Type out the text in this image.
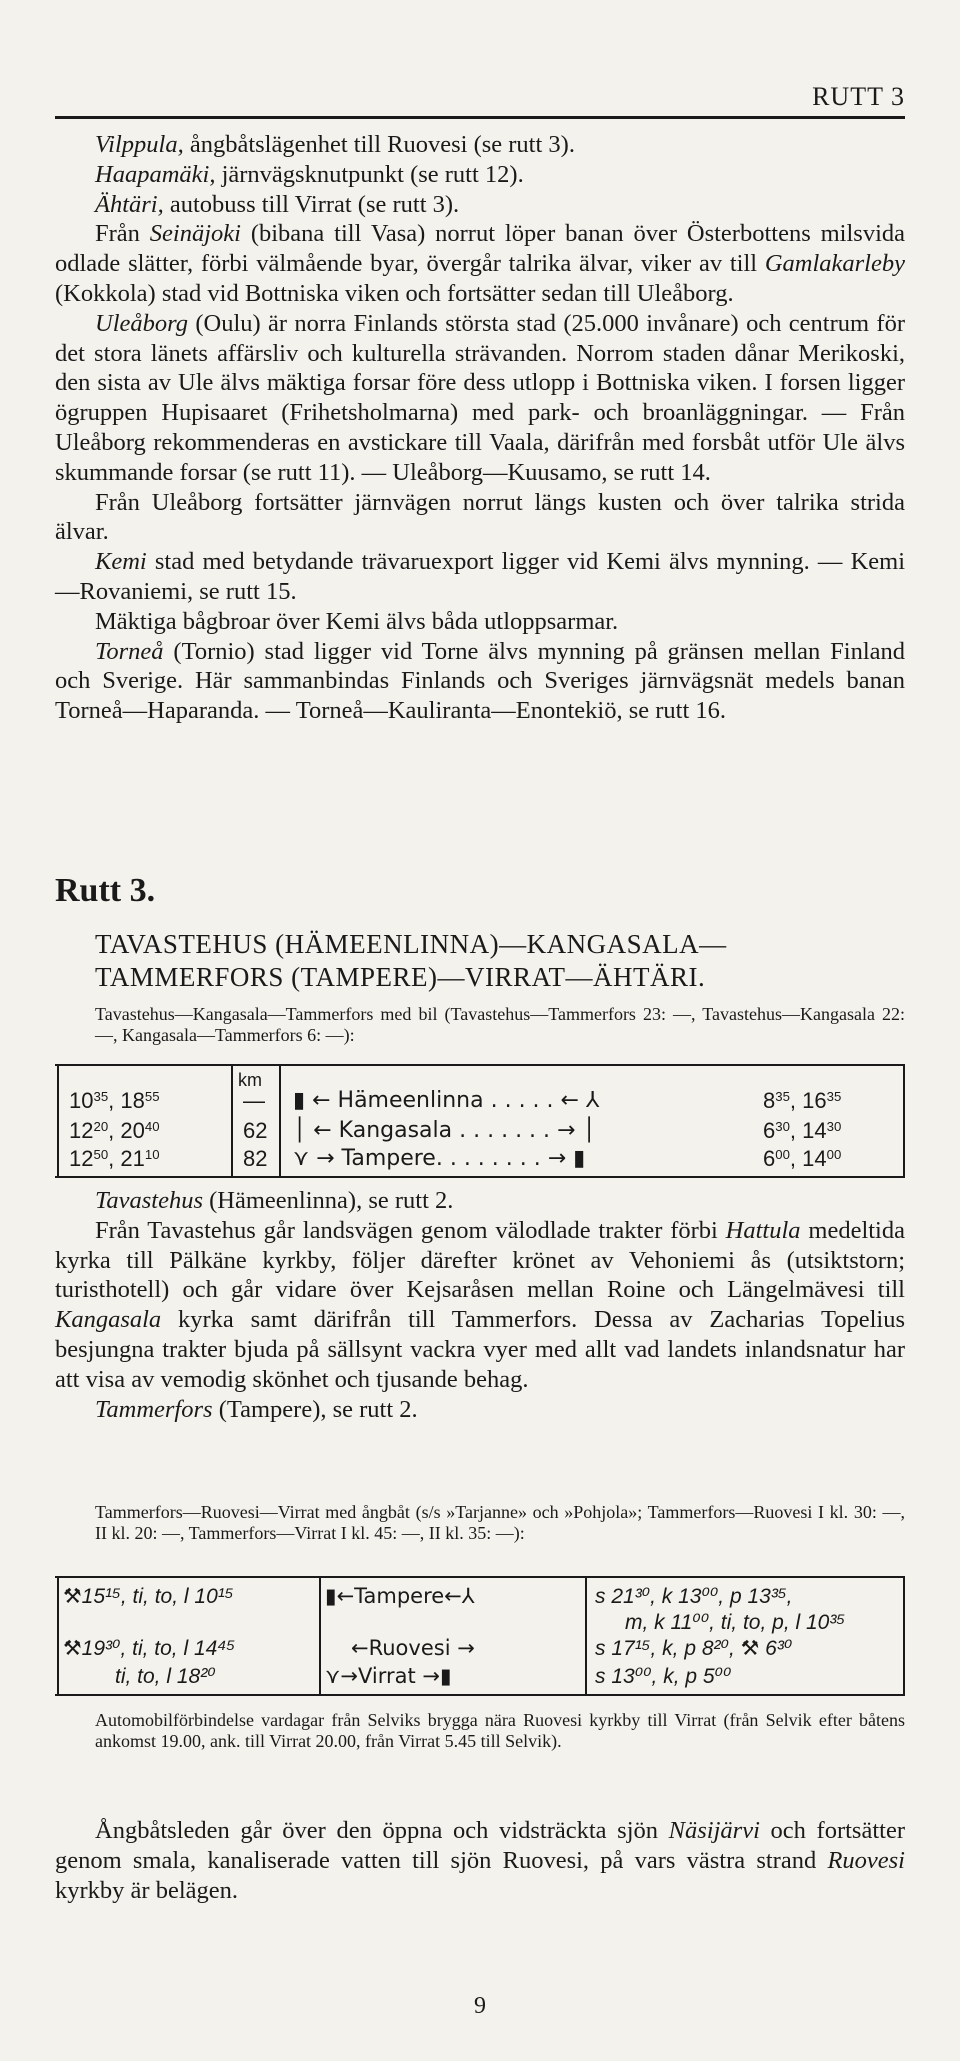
RUTT 3

Vilppula, ångbåtslägenhet till Ruovesi (se rutt 3).

Haapamäki, järnvägsknutpunkt (se rutt 12).

Ähtäri, autobuss till Virrat (se rutt 3).

Från Seinäjoki (bibana till Vasa) norrut löper banan över Österbottens milsvida odlade slätter, förbi välmående byar, övergår talrika älvar, viker av till Gamlakarleby (Kokkola) stad vid Bottniska viken och fortsätter sedan till Uleåborg.

Uleåborg (Oulu) är norra Finlands största stad (25.000 invånare) och centrum för det stora länets affärsliv och kulturella strävanden. Norrom staden dånar Merikoski, den sista av Ule älvs mäktiga forsar före dess utlopp i Bottniska viken. I forsen ligger ögruppen Hupisaaret (Frihetsholmarna) med park- och broanläggningar. — Från Uleåborg rekommenderas en avstickare till Vaala, därifrån med forsbåt utför Ule älvs skummande forsar (se rutt 11). — Uleåborg—Kuusamo, se rutt 14.

Från Uleåborg fortsätter järnvägen norrut längs kusten och över talrika strida älvar.

Kemi stad med betydande trävaruexport ligger vid Kemi älvs mynning. — Kemi—Rovaniemi, se rutt 15.

Mäktiga bågbroar över Kemi älvs båda utloppsarmar.

Torneå (Tornio) stad ligger vid Torne älvs mynning på gränsen mellan Finland och Sverige. Här sammanbindas Finlands och Sveriges järnvägsnät medels banan Torneå—Haparanda. — Torneå—Kauliranta—Enontekiö, se rutt 16.

Rutt 3.
TAVASTEHUS (HÄMEENLINNA)—KANGASALA—
TAMMERFORS (TAMPERE)—VIRRAT—ÄHTÄRI.
Tavastehus—Kangasala—Tammerfors med bil (Tavastehus—Tammerfors 23: —, Tavastehus—Kangasala 22: —, Kangasala—Tammerfors 6: —):
km
$10^{35}$, $18^{55}$	— ▮ ← Hämeenlinna . . . . . ← ⅄	$8^{35}$, $16^{35}$
$12^{20}$, $20^{40}$	62 │ ← Kangasala . . . . . . . → │	$6^{30}$, $14^{30}$
$12^{50}$, $21^{10}$	82 ⋎ → Tampere. . . . . . . . → ▮	$6^{00}$, $14^{00}$

Tavastehus (Hämeenlinna), se rutt 2.

Från Tavastehus går landsvägen genom välodlade trakter förbi Hattula medeltida kyrka till Pälkäne kyrkby, följer därefter krönet av Vehoniemi ås (utsiktstorn; turisthotell) och går vidare över Kejsaråsen mellan Roine och Längelmävesi till Kangasala kyrka samt därifrån till Tammerfors. Dessa av Zacharias Topelius besjungna trakter bjuda på sällsynt vackra vyer med allt vad landets inlandsnatur har att visa av vemodig skönhet och tjusande behag.

Tammerfors (Tampere), se rutt 2.

Tammerfors—Ruovesi—Virrat med ångbåt (s/s »Tarjanne» och »Pohjola»; Tammerfors—Ruovesi I kl. 30: —, II kl. 20: —, Tammerfors—Virrat I kl. 45: —, II kl. 35: —):
⚒15¹⁵, ti, to, l 10¹⁵	▮←Tampere←⅄	s 21³⁰, k 13⁰⁰, p 13³⁵,
m, k 11⁰⁰, ti, to, p, l 10³⁵
⚒19³⁰, ti, to, l 14⁴⁵	←Ruovesi →	s 17¹⁵, k, p 8²⁰, ⚒ 6³⁰
ti, to, l 18²⁰	⋎→Virrat →▮	s 13⁰⁰, k, p 5⁰⁰
Automobilförbindelse vardagar från Selviks brygga nära Ruovesi kyrkby till Virrat (från Selvik efter båtens ankomst 19.00, ank. till Virrat 20.00, från Virrat 5.45 till Selvik).

Ångbåtsleden går över den öppna och vidsträckta sjön Näsijärvi och fortsätter genom smala, kanaliserade vatten till sjön Ruovesi, på vars västra strand Ruovesi kyrkby är belägen.

9
